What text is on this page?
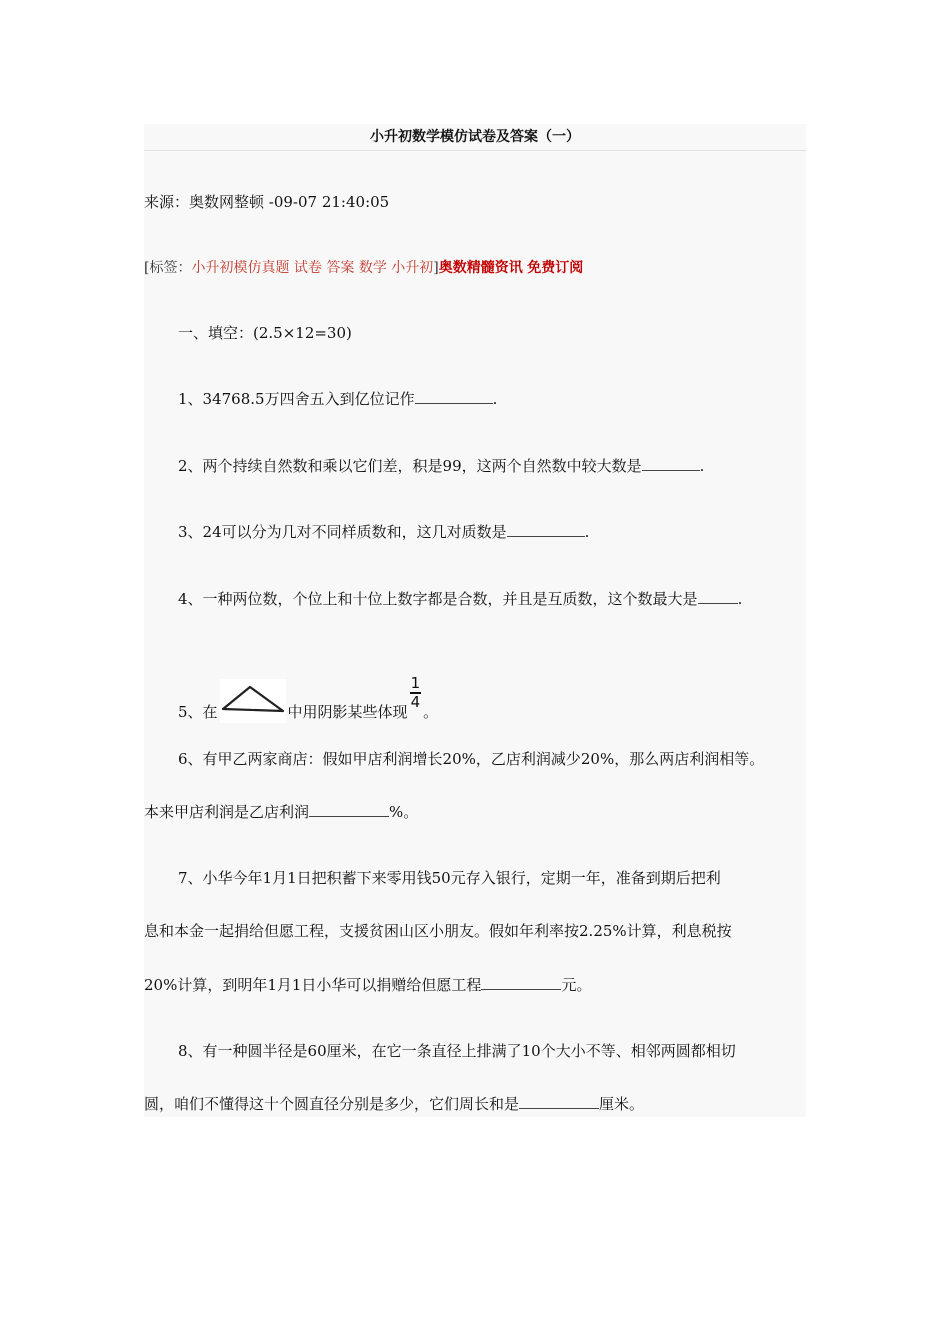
小升初数学模仿试卷及答案（一）
来源：奥数网整顿 -09-07 21:40:05
[标签：小升初模仿真题 试卷 答案 数学 小升初]奥数精髓资讯 免费订阅
一、填空：(2.5×12=30)
1、34768.5万四舍五入到亿位记作	.
2、两个持续自然数和乘以它们差，积是99，这两个自然数中较大数是	.
3、24可以分为几对不同样质数和，这几对质数是	.
4、一种两位数，个位上和十位上数字都是合数，并且是互质数，这个数最大是	.
5、在	中用阴影某些体现
$\frac{1}{4}$
。
6、有甲乙两家商店：假如甲店利润增长20%，乙店利润减少20%，那么两店利润相等。
本来甲店利润是乙店利润	%。
7、小华今年1月1日把积蓄下来零用钱50元存入银行，定期一年，准备到期后把利
息和本金一起捐给但愿工程，支援贫困山区小朋友。假如年利率按2.25%计算，利息税按
20%计算，到明年1月1日小华可以捐赠给但愿工程	元。
8、有一种圆半径是60厘米，在它一条直径上排满了10个大小不等、相邻两圆都相切
圆，咱们不懂得这十个圆直径分别是多少，它们周长和是	厘米。
